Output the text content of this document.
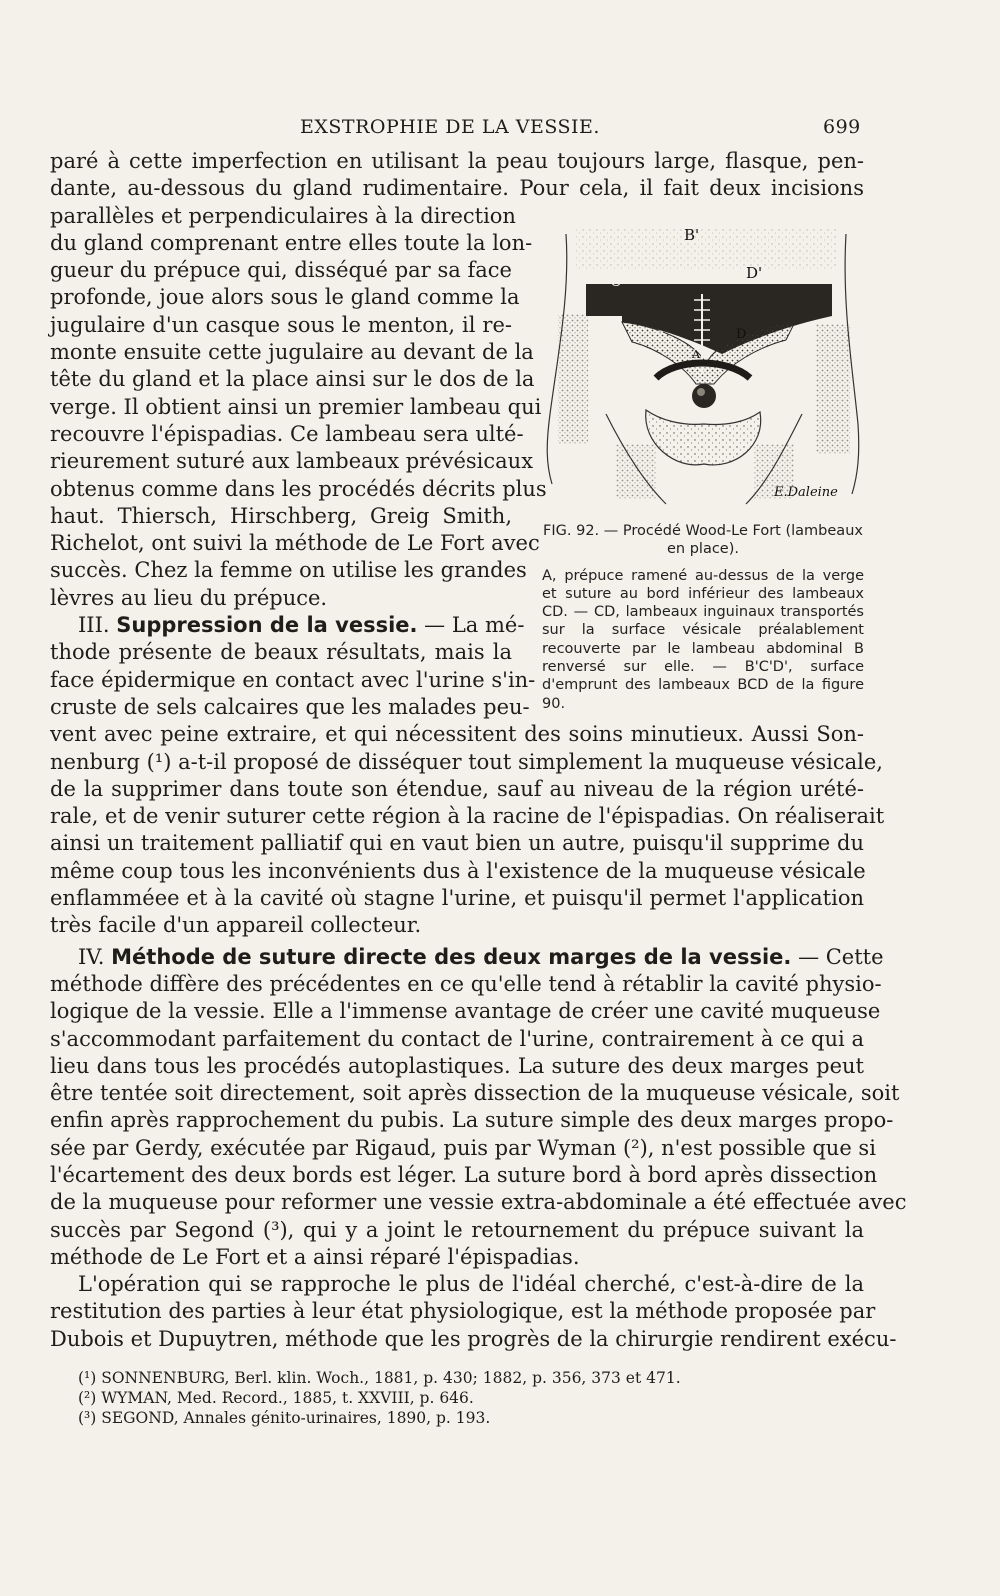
EXSTROPHIE DE LA VESSIE.	699
paré à cette imperfection en utilisant la peau toujours large, flasque, pen-
dante, au-dessous du gland rudimentaire. Pour cela, il fait deux incisions
parallèles et perpendiculaires à la direction
du gland comprenant entre elles toute la lon-
gueur du prépuce qui, disséqué par sa face
profonde, joue alors sous le gland comme la
jugulaire d'un casque sous le menton, il re-
monte ensuite cette jugulaire au devant de la
tête du gland et la place ainsi sur le dos de la
verge. Il obtient ainsi un premier lambeau qui
recouvre l'épispadias. Ce lambeau sera ulté-
rieurement suturé aux lambeaux prévésicaux
obtenus comme dans les procédés décrits plus
haut. Thiersch, Hirschberg, Greig Smith,
Richelot, ont suivi la méthode de Le Fort avec
succès. Chez la femme on utilise les grandes
lèvres au lieu du prépuce.
III. Suppression de la vessie. — La mé-
thode présente de beaux résultats, mais la
face épidermique en contact avec l'urine s'in-
cruste de sels calcaires que les malades peu-
vent avec peine extraire, et qui nécessitent des soins minutieux. Aussi Son-
nenburg (¹) a-t-il proposé de disséquer tout simplement la muqueuse vésicale,
de la supprimer dans toute son étendue, sauf au niveau de la région urété-
rale, et de venir suturer cette région à la racine de l'épispadias. On réaliserait
ainsi un traitement palliatif qui en vaut bien un autre, puisqu'il supprime du
même coup tous les inconvénients dus à l'existence de la muqueuse vésicale
enflamméee et à la cavité où stagne l'urine, et puisqu'il permet l'application
très facile d'un appareil collecteur.
IV. Méthode de suture directe des deux marges de la vessie. — Cette
méthode diffère des précédentes en ce qu'elle tend à rétablir la cavité physio-
logique de la vessie. Elle a l'immense avantage de créer une cavité muqueuse
s'accommodant parfaitement du contact de l'urine, contrairement à ce qui a
lieu dans tous les procédés autoplastiques. La suture des deux marges peut
être tentée soit directement, soit après dissection de la muqueuse vésicale, soit
enfin après rapprochement du pubis. La suture simple des deux marges propo-
sée par Gerdy, exécutée par Rigaud, puis par Wyman (²), n'est possible que si
l'écartement des deux bords est léger. La suture bord à bord après dissection
de la muqueuse pour reformer une vessie extra-abdominale a été effectuée avec
succès par Segond (³), qui y a joint le retournement du prépuce suivant la
méthode de Le Fort et a ainsi réparé l'épispadias.
L'opération qui se rapproche le plus de l'idéal cherché, c'est-à-dire de la
restitution des parties à leur état physiologique, est la méthode proposée par
Dubois et Dupuytren, méthode que les progrès de la chirurgie rendirent exécu-
B'
C'	D'
C	D
A
E.Daleine
FIG. 92. — Procédé Wood-Le Fort (lambeaux en place).
A, prépuce ramené au-dessus de la verge et suture au bord inférieur des lambeaux CD. — CD, lambeaux inguinaux transportés sur la surface vésicale préalablement recouverte par le lambeau abdominal B renversé sur elle. — B'C'D', surface d'emprunt des lambeaux BCD de la figure 90.
(¹) SONNENBURG, Berl. klin. Woch., 1881, p. 430; 1882, p. 356, 373 et 471.
(²) WYMAN, Med. Record., 1885, t. XXVIII, p. 646.
(³) SEGOND, Annales génito-urinaires, 1890, p. 193.
